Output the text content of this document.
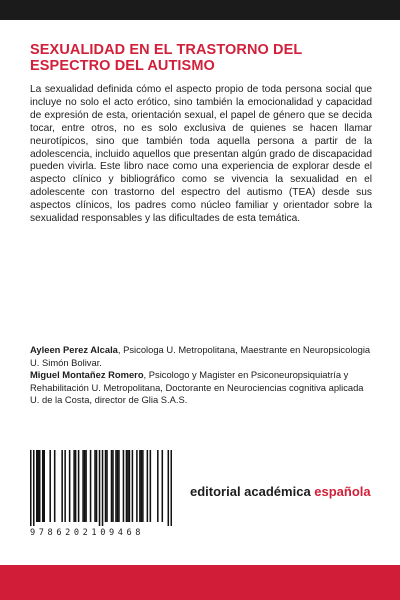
SEXUALIDAD EN EL TRASTORNO DEL
ESPECTRO DEL AUTISMO

La sexualidad definida cómo el aspecto propio de toda persona social que incluye no solo el acto erótico, sino también la emocionalidad y capacidad de expresión de esta, orientación sexual, el papel de género que se decida tocar, entre otros, no es solo exclusiva de quienes se hacen llamar neurotípicos, sino que también toda aquella persona a partir de la adolescencia, incluido aquellos que presentan algún grado de discapacidad pueden vivirla. Este libro nace como una experiencia de explorar desde el aspecto clínico y bibliográfico como se vivencia la sexualidad en el adolescente con trastorno del espectro del autismo (TEA) desde sus aspectos clínicos, los padres como núcleo familiar y orientador sobre la sexualidad responsables y las dificultades de esta temática.

Ayleen Perez Alcala, Psicologa U. Metropolitana, Maestrante en Neuropsicologia U. Simón Bolivar.

Miguel Montañez Romero, Psicologo y Magister en Psiconeuropsiquiatría y Rehabilitación U. Metropolitana, Doctorante en Neurociencias cognitiva aplicada U. de la Costa, director de Glia S.A.S.

9786202109468
editorial académica española
